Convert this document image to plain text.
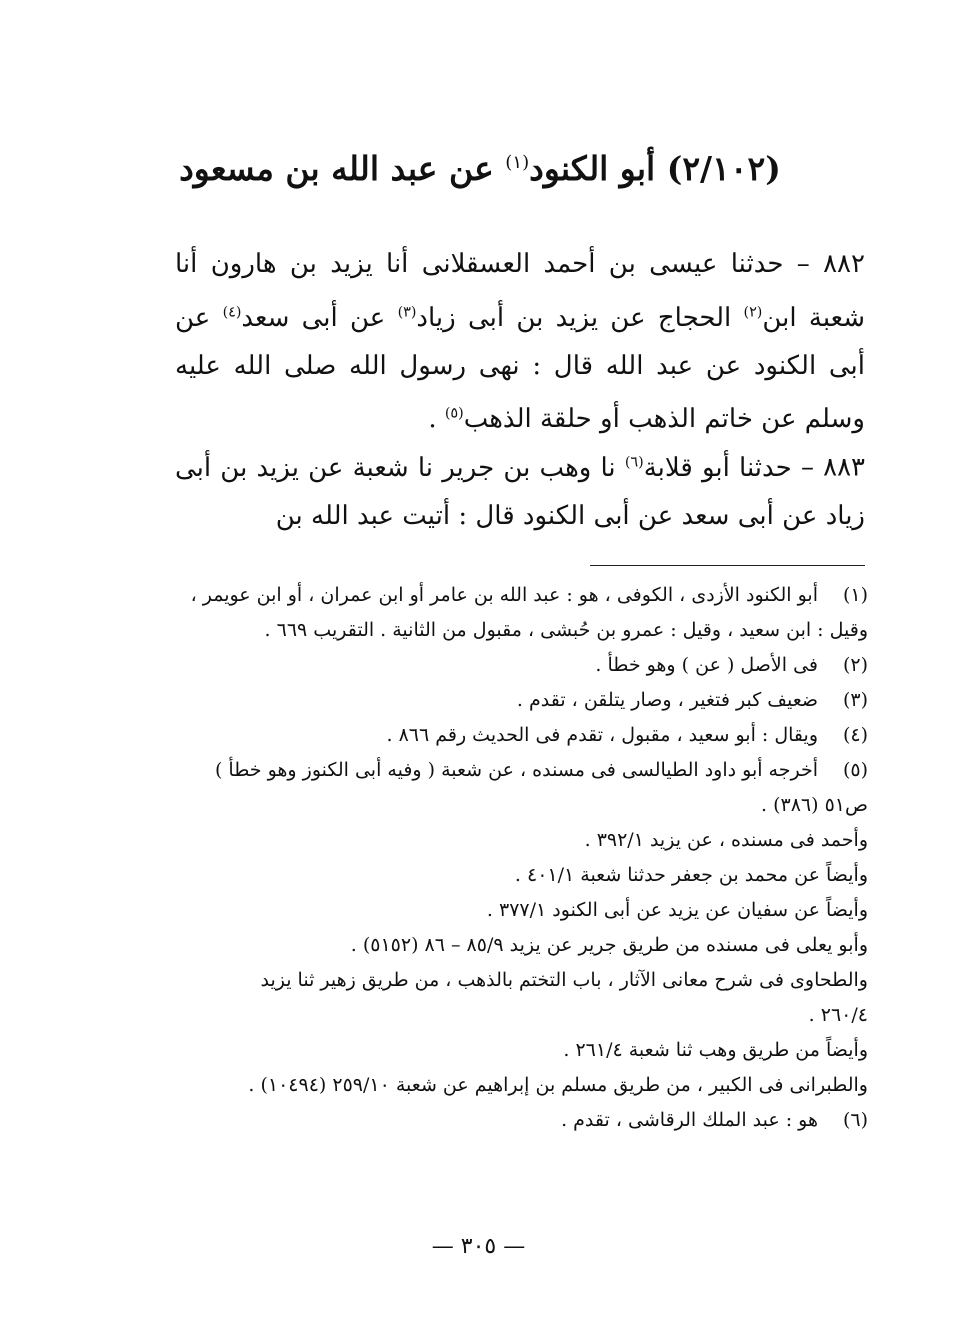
(٢/١٠٢) أبو الكنود$^{(١)}$ عن عبد الله بن مسعود
٨٨٢ – حدثنا عيسى بن أحمد العسقلانى أنا يزيد بن هارون أنا شعبة ابن$^{(٢)}$ الحجاج عن يزيد بن أبى زياد$^{(٣)}$ عن أبى سعد$^{(٤)}$ عن أبى الكنود عن عبد الله قال : نهى رسول الله صلى الله عليه وسلم عن خاتم الذهب أو حلقة الذهب$^{(٥)}$ .
٨٨٣ – حدثنا أبو قلابة$^{(٦)}$ نا وهب بن جرير نا شعبة عن يزيد بن أبى زياد عن أبى سعد عن أبى الكنود قال : أتيت عبد الله بن
(١)
أبو الكنود الأزدى ، الكوفى ، هو : عبد الله بن عامر أو ابن عمران ، أو ابن عويمر ،
وقيل : ابن سعيد ، وقيل : عمرو بن حُبشى ، مقبول من الثانية . التقريب ٦٦٩ .
(٢)
فى الأصل ( عن ) وهو خطأ .
(٣)
ضعيف كبر فتغير ، وصار يتلقن ، تقدم .
(٤)
ويقال : أبو سعيد ، مقبول ، تقدم فى الحديث رقم ٨٦٦ .
(٥)
أخرجه أبو داود الطيالسى فى مسنده ، عن شعبة ( وفيه أبى الكنوز وهو خطأ )
ص٥١ (٣٨٦) .
وأحمد فى مسنده ، عن يزيد ٣٩٢/١ .
وأيضاً عن محمد بن جعفر حدثنا شعبة ٤٠١/١ .
وأيضاً عن سفيان عن يزيد عن أبى الكنود ٣٧٧/١ .
وأبو يعلى فى مسنده من طريق جرير عن يزيد ٨٥/٩ – ٨٦ (٥١٥٢) .
والطحاوى فى شرح معانى الآثار ، باب التختم بالذهب ، من طريق زهير ثنا يزيد
٢٦٠/٤ .
وأيضاً من طريق وهب ثنا شعبة ٢٦١/٤ .
والطبرانى فى الكبير ، من طريق مسلم بن إبراهيم عن شعبة ٢٥٩/١٠ (١٠٤٩٤) .
(٦)
هو : عبد الملك الرقاشى ، تقدم .
— ٣٠٥ —
